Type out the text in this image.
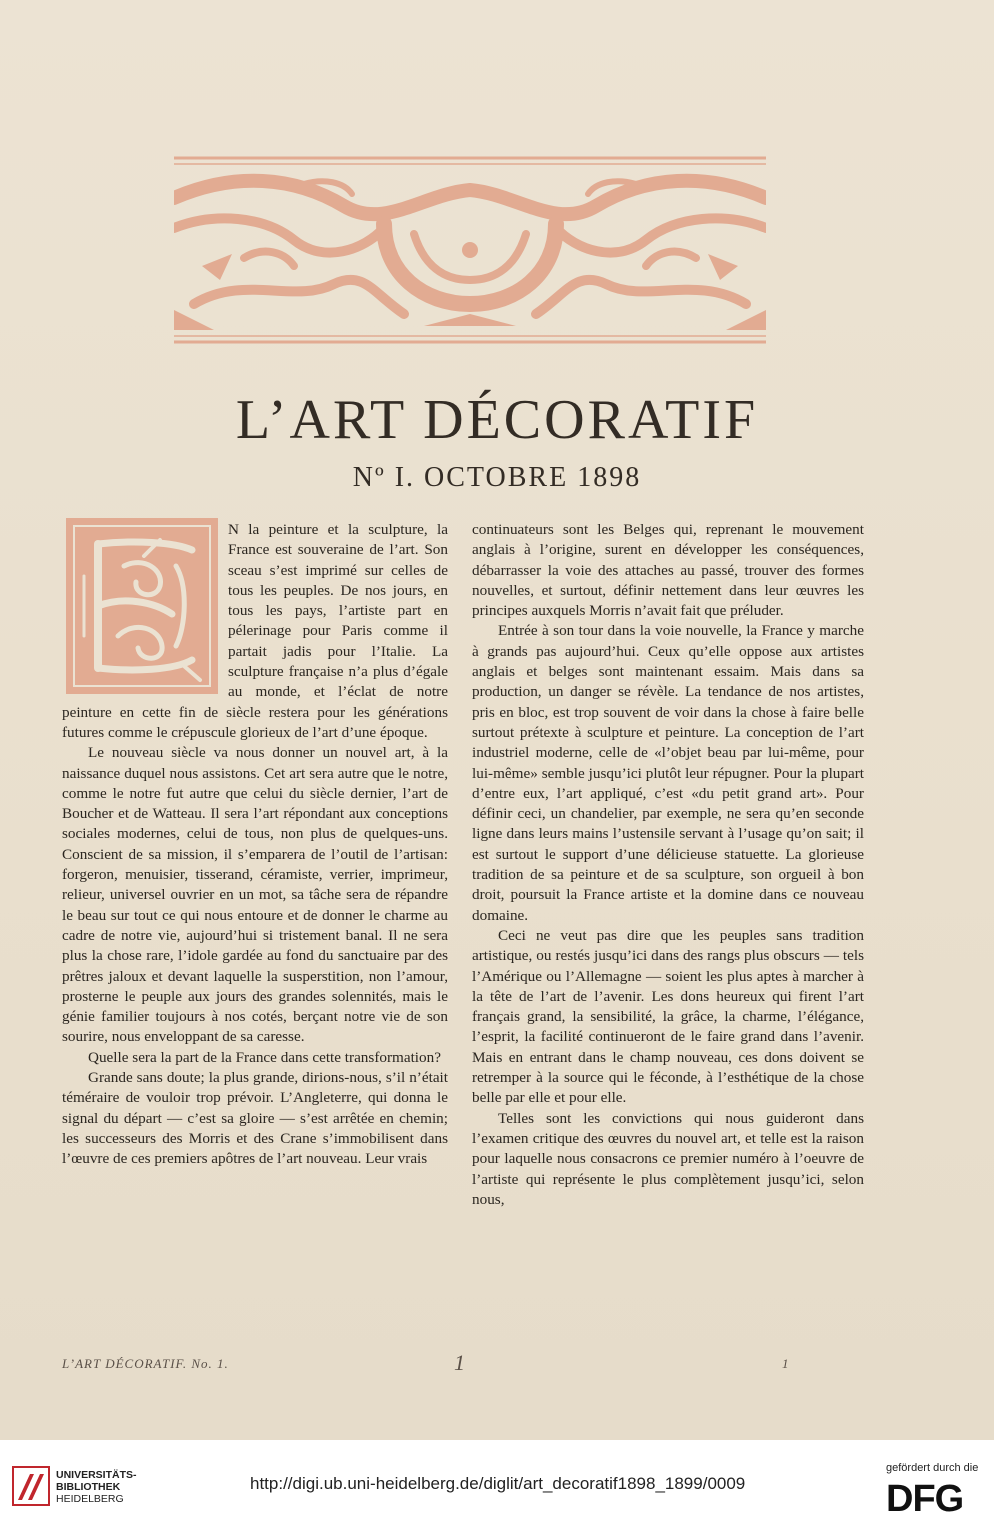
L’ART DÉCORATIF
Nº I. OCTOBRE 1898

N la peinture et la sculpture, la France est souveraine de l’art. Son sceau s’est imprimé sur celles de tous les peuples. De nos jours, en tous les pays, l’artiste part en pélerinage pour Paris comme il partait jadis pour l’Italie. La sculpture française n’a plus d’égale au monde, et l’éclat de notre peinture en cette fin de siècle restera pour les générations futures comme le crépuscule glorieux de l’art d’une époque.

Le nouveau siècle va nous donner un nouvel art, à la naissance duquel nous assistons. Cet art sera autre que le notre, comme le notre fut autre que celui du siècle dernier, l’art de Boucher et de Watteau. Il sera l’art répondant aux conceptions sociales modernes, celui de tous, non plus de quelques-uns. Conscient de sa mission, il s’emparera de l’outil de l’artisan: forgeron, menuisier, tisserand, céramiste, verrier, imprimeur, relieur, universel ouvrier en un mot, sa tâche sera de répandre le beau sur tout ce qui nous entoure et de donner le charme au cadre de notre vie, aujourd’hui si tristement banal. Il ne sera plus la chose rare, l’idole gardée au fond du sanctuaire par des prêtres jaloux et devant laquelle la susperstition, non l’amour, prosterne le peuple aux jours des grandes solennités, mais le génie familier toujours à nos cotés, berçant notre vie de son sourire, nous enveloppant de sa caresse.

Quelle sera la part de la France dans cette transformation?

Grande sans doute; la plus grande, dirions-nous, s’il n’était téméraire de vouloir trop prévoir. L’Angleterre, qui donna le signal du départ — c’est sa gloire — s’est arrêtée en chemin; les successeurs des Morris et des Crane s’immobilisent dans l’œuvre de ces premiers apôtres de l’art nouveau. Leur vrais

continuateurs sont les Belges qui, reprenant le mouvement anglais à l’origine, surent en développer les conséquences, débarrasser la voie des attaches au passé, trouver des formes nouvelles, et surtout, définir nettement dans leur œuvres les principes auxquels Morris n’avait fait que préluder.

Entrée à son tour dans la voie nouvelle, la France y marche à grands pas aujourd’hui. Ceux qu’elle oppose aux artistes anglais et belges sont maintenant essaim. Mais dans sa production, un danger se révèle. La tendance de nos artistes, pris en bloc, est trop souvent de voir dans la chose à faire belle surtout prétexte à sculpture et peinture. La conception de l’art industriel moderne, celle de «l’objet beau par lui-même, pour lui-même» semble jusqu’ici plutôt leur répugner. Pour la plupart d’entre eux, l’art appliqué, c’est «du petit grand art». Pour définir ceci, un chandelier, par exemple, ne sera qu’en seconde ligne dans leurs mains l’ustensile servant à l’usage qu’on sait; il est surtout le support d’une délicieuse statuette. La glorieuse tradition de sa peinture et de sa sculpture, son orgueil à bon droit, poursuit la France artiste et la domine dans ce nouveau domaine.

Ceci ne veut pas dire que les peuples sans tradition artistique, ou restés jusqu’ici dans des rangs plus obscurs — tels l’Amérique ou l’Allemagne — soient les plus aptes à marcher à la tête de l’art de l’avenir. Les dons heureux qui firent l’art français grand, la sensibilité, la grâce, la charme, l’élégance, l’esprit, la facilité continueront de le faire grand dans l’avenir. Mais en entrant dans le champ nouveau, ces dons doivent se retremper à la source qui le féconde, à l’esthétique de la chose belle par elle et pour elle.

Telles sont les convictions qui nous guideront dans l’examen critique des œuvres du nouvel art, et telle est la raison pour laquelle nous consacrons ce premier numéro à l’oeuvre de l’artiste qui représente le plus complètement jusqu’ici, selon nous,

L’ART DÉCORATIF. No. 1.	1	1
UNIVERSITÄTS-
BIBLIOTHEK
HEIDELBERG
http://digi.ub.uni-heidelberg.de/diglit/art_decoratif1898_1899/0009
gefördert durch die
DFG
